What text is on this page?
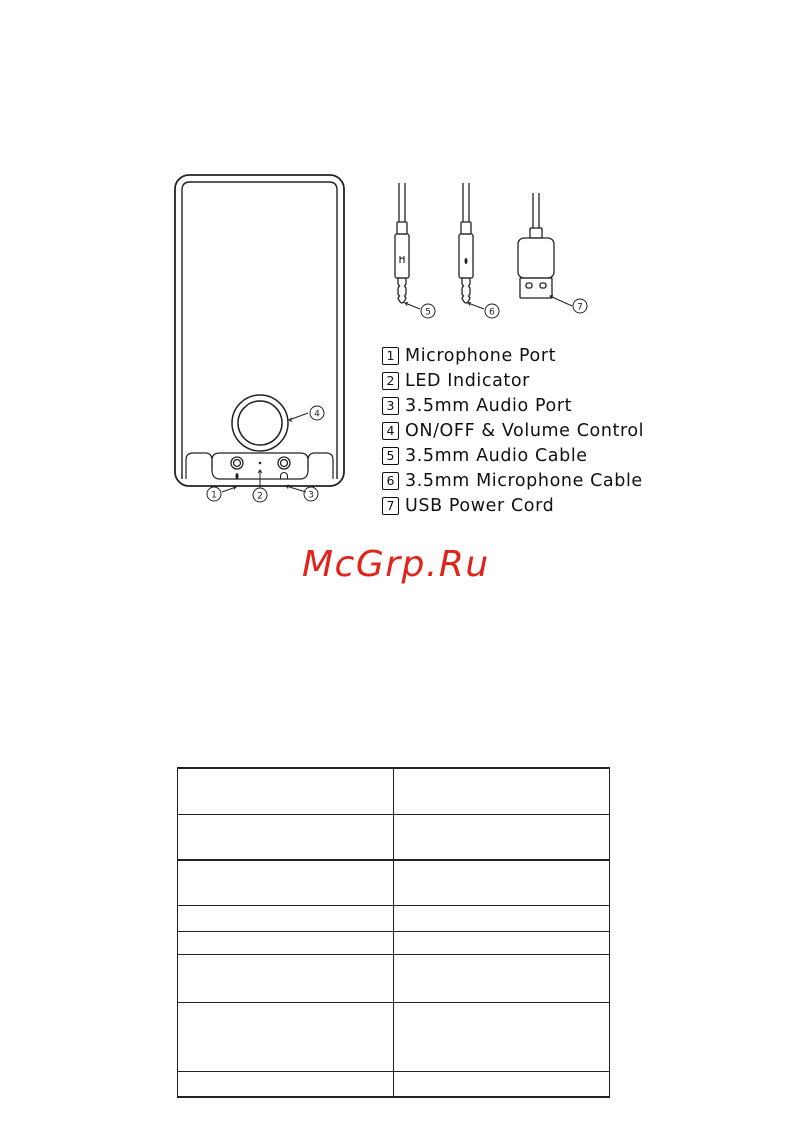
1	2	3
4
5	6	7
1 Microphone Port
2 LED Indicator
3 3.5mm Audio Port
4 ON/OFF & Volume Control
5 3.5mm Audio Cable
6 3.5mm Microphone Cable
7 USB Power Cord
McGrp.Ru
